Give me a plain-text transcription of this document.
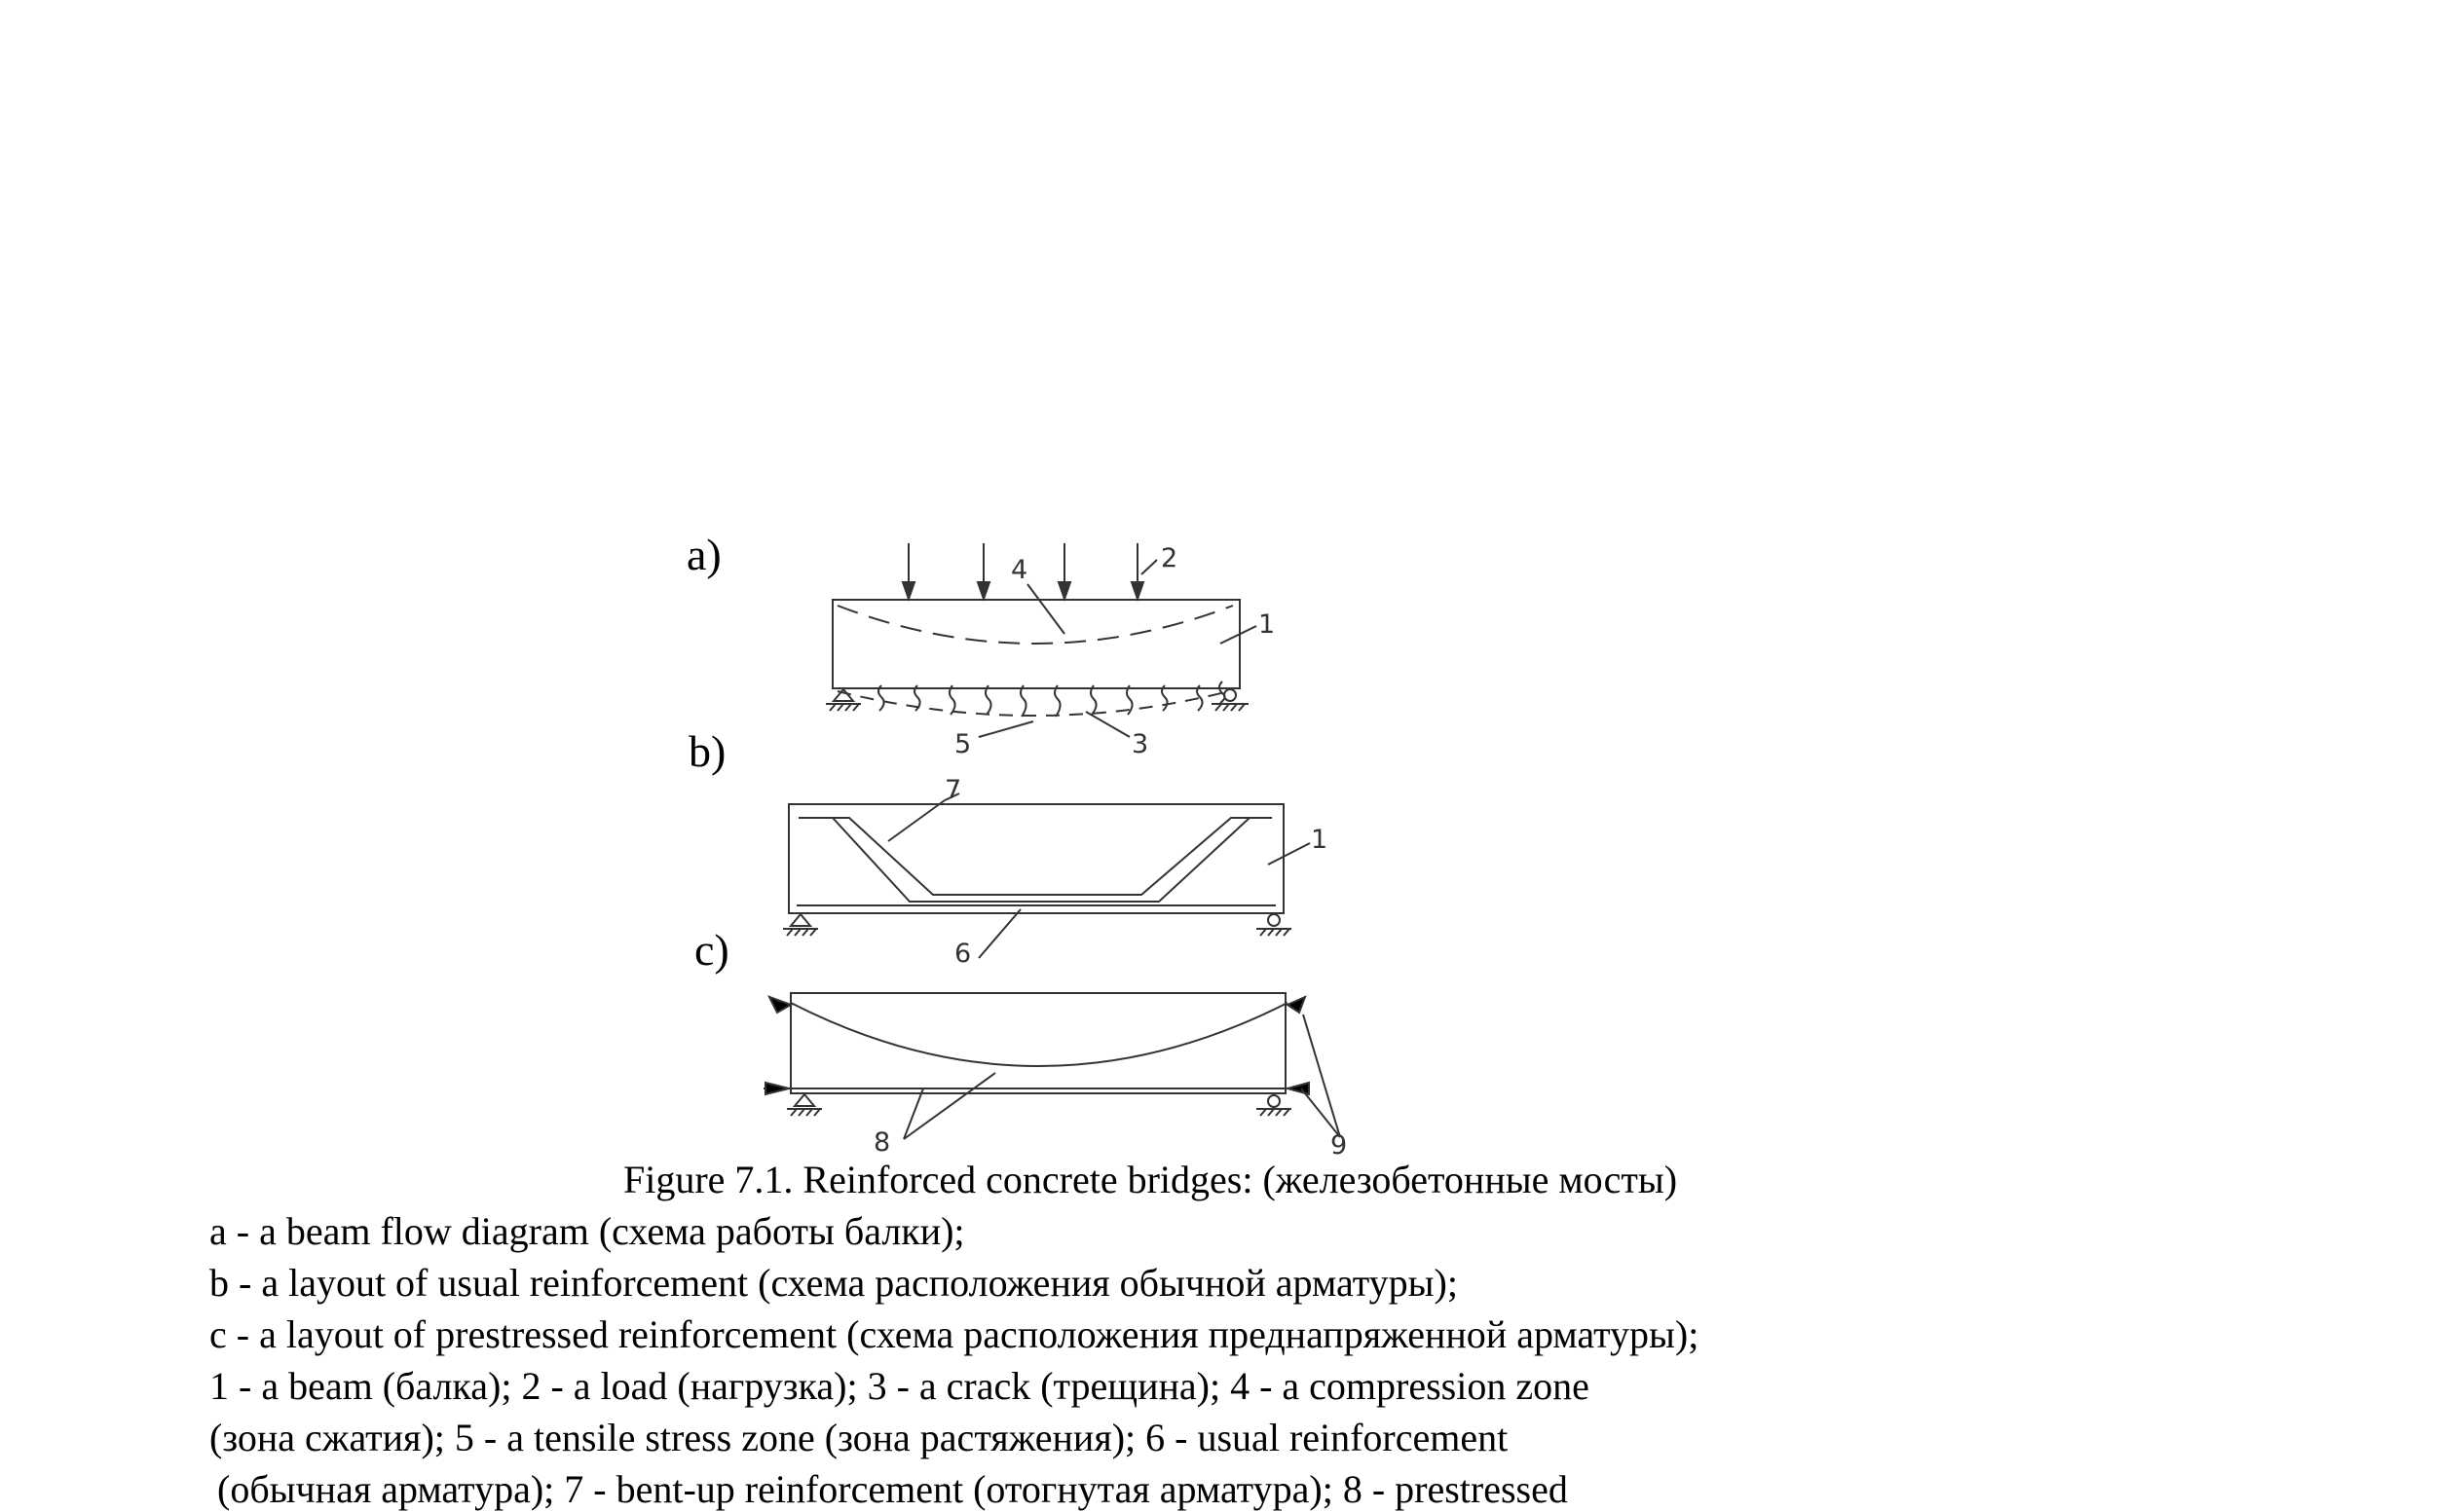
a)
b)
c)
4	2
1
5	3
7
1
6
8	9
Figure 7.1. Reinforced concrete bridges: (железобетонные мосты)
a - a beam flow diagram (схема работы балки);
b - a layout of usual reinforcement (схема расположения обычной арматуры);
c - a layout of prestressed reinforcement (схема расположения преднапряженной арматуры);
1 - a beam (балка); 2 - a load (нагрузка); 3 - a crack (трещина); 4 - a compression zone
(зона сжатия); 5 - a tensile stress zone (зона растяжения); 6 - usual reinforcement
(обычная арматура); 7 - bent-up reinforcement (отогнутая арматура); 8 - prestressed
